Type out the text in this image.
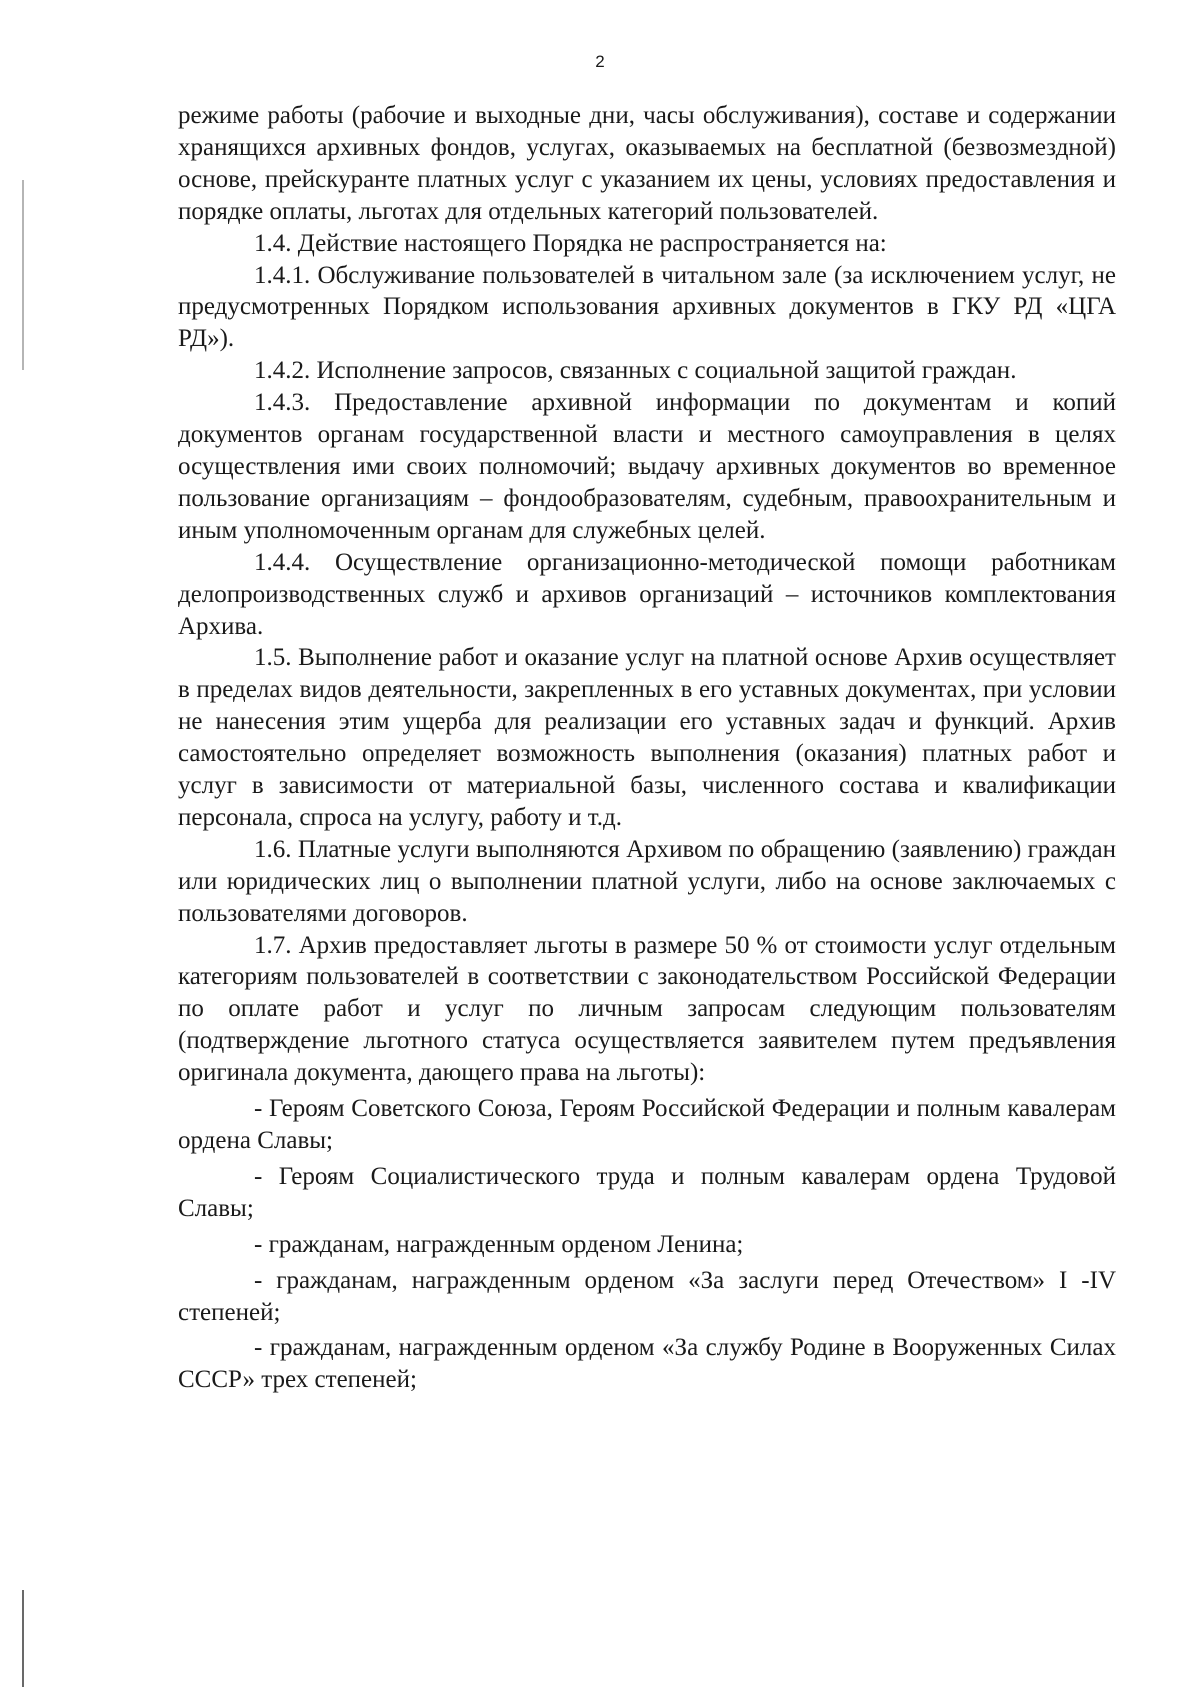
2

режиме работы (рабочие и выходные дни, часы обслуживания), составе и содержании хранящихся архивных фондов, услугах, оказываемых на бесплатной (безвозмездной) основе, прейскуранте платных услуг с указанием их цены, условиях предоставления и порядке оплаты, льготах для отдельных категорий пользователей.

1.4. Действие настоящего Порядка не распространяется на:

1.4.1. Обслуживание пользователей в читальном зале (за исключением услуг, не предусмотренных Порядком использования архивных документов в ГКУ РД «ЦГА РД»).

1.4.2. Исполнение запросов, связанных с социальной защитой граждан.

1.4.3. Предоставление архивной информации по документам и копий документов органам государственной власти и местного самоуправления в целях осуществления ими своих полномочий; выдачу архивных документов во временное пользование организациям – фондообразователям, судебным, правоохранительным и иным уполномоченным органам для служебных целей.

1.4.4. Осуществление организационно-методической помощи работникам делопроизводственных служб и архивов организаций – источников комплектования Архива.

1.5. Выполнение работ и оказание услуг на платной основе Архив осуществляет в пределах видов деятельности, закрепленных в его уставных документах, при условии не нанесения этим ущерба для реализации его уставных задач и функций. Архив самостоятельно определяет возможность выполнения (оказания) платных работ и услуг в зависимости от материальной базы, численного состава и квалификации персонала, спроса на услугу, работу и т.д.

1.6. Платные услуги выполняются Архивом по обращению (заявлению) граждан или юридических лиц о выполнении платной услуги, либо на основе заключаемых с пользователями договоров.

1.7. Архив предоставляет льготы в размере 50 % от стоимости услуг отдельным категориям пользователей в соответствии с законодательством Российской Федерации по оплате работ и услуг по личным запросам следующим пользователям (подтверждение льготного статуса осуществляется заявителем путем предъявления оригинала документа, дающего права на льготы):

- Героям Советского Союза, Героям Российской Федерации и полным кавалерам ордена Славы;

- Героям Социалистического труда и полным кавалерам ордена Трудовой Славы;

- гражданам, награжденным орденом Ленина;

- гражданам, награжденным орденом «За заслуги перед Отечеством» I -IV степеней;

- гражданам, награжденным орденом «За службу Родине в Вооруженных Силах СССР» трех степеней;
